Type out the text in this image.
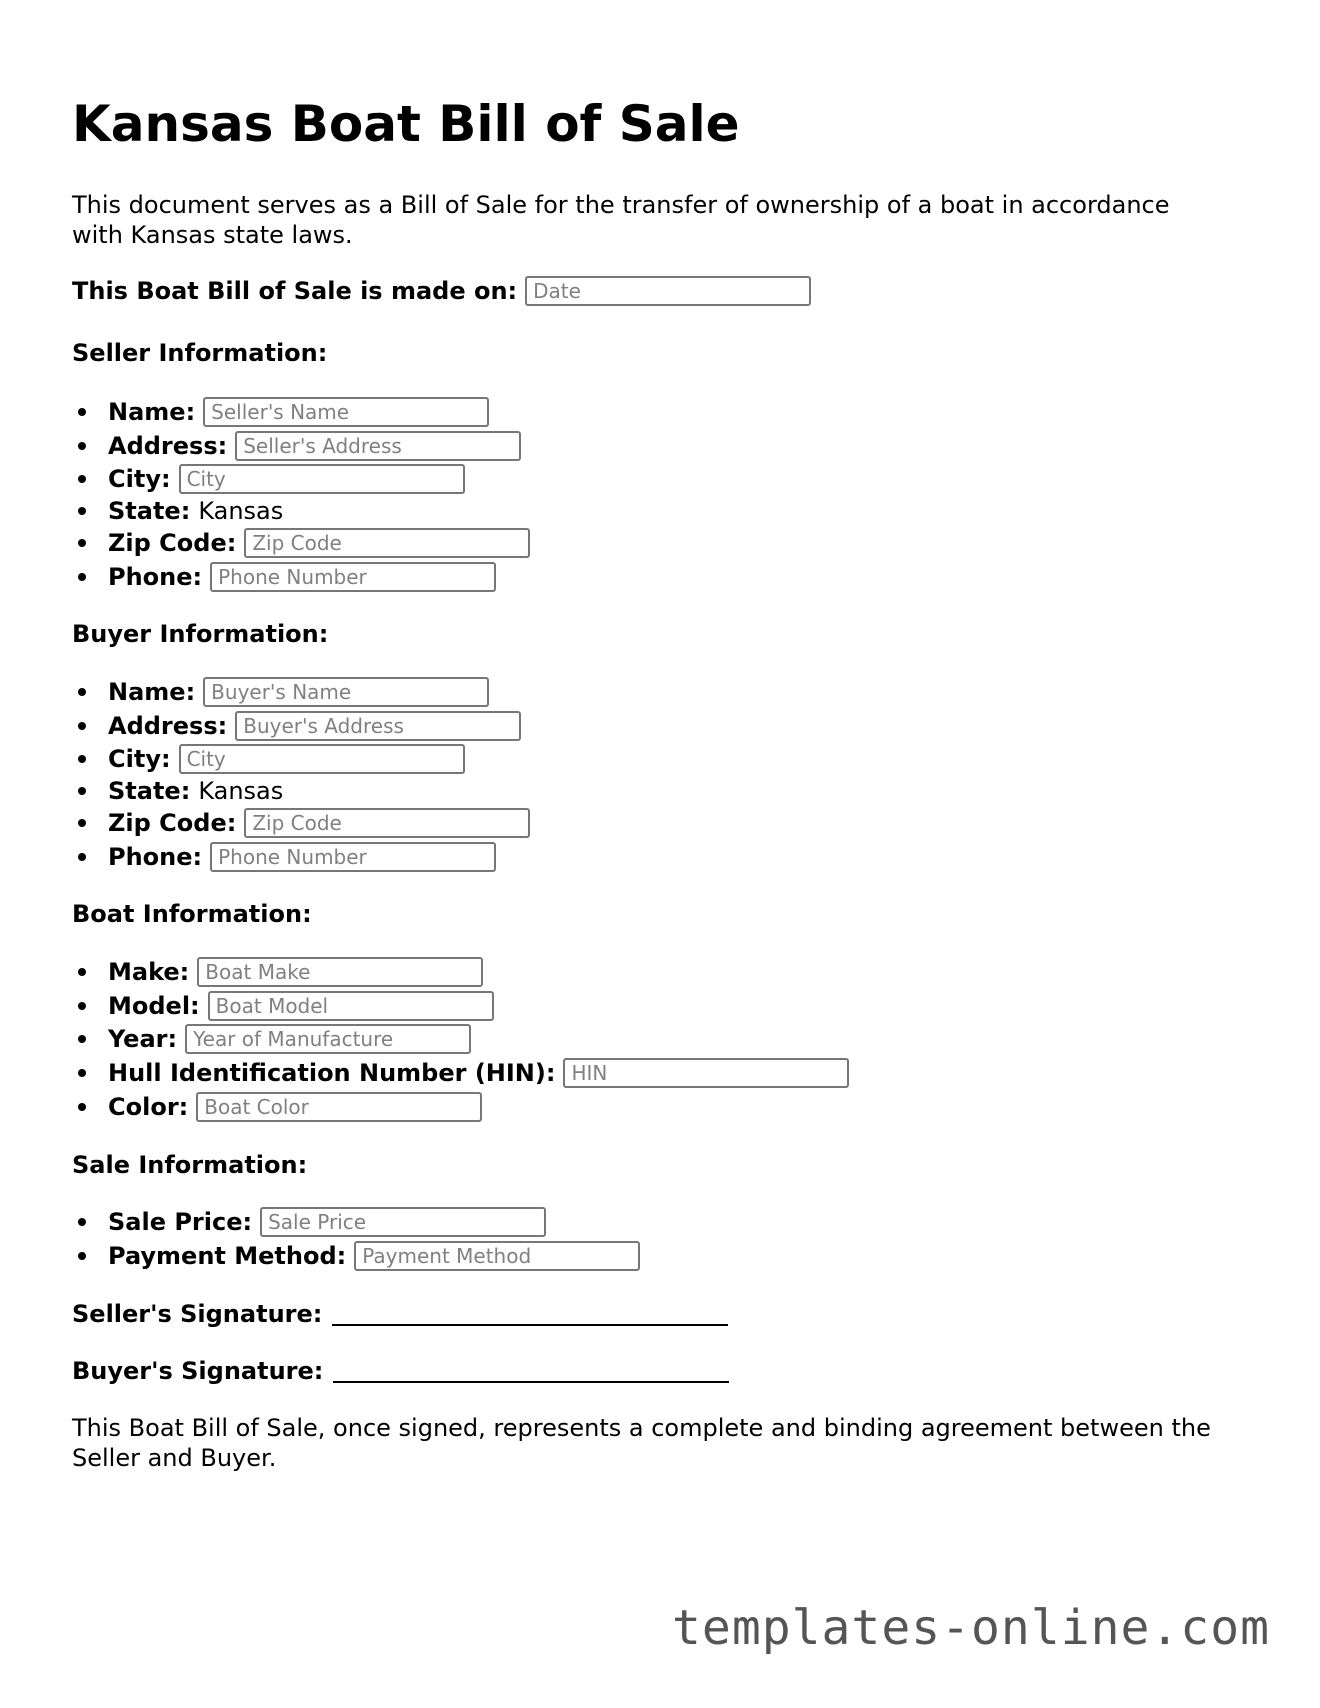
Kansas Boat Bill of Sale

This document serves as a Bill of Sale for the transfer of ownership of a boat in accordance with Kansas state laws.

This Boat Bill of Sale is made on:
Date
Seller Information:
Name:
Seller's Name
Address:
Seller's Address
City:
City
State: Kansas
Zip Code:
Zip Code
Phone:
Phone Number
Buyer Information:
Name:
Buyer's Name
Address:
Buyer's Address
City:
City
State: Kansas
Zip Code:
Zip Code
Phone:
Phone Number
Boat Information:
Make:
Boat Make
Model:
Boat Model
Year:
Year of Manufacture
Hull Identification Number (HIN):
HIN
Color:
Boat Color
Sale Information:
Sale Price:
Sale Price
Payment Method:
Payment Method
Seller's Signature:
Buyer's Signature:

This Boat Bill of Sale, once signed, represents a complete and binding agreement between the Seller and Buyer.

templates-online.com
